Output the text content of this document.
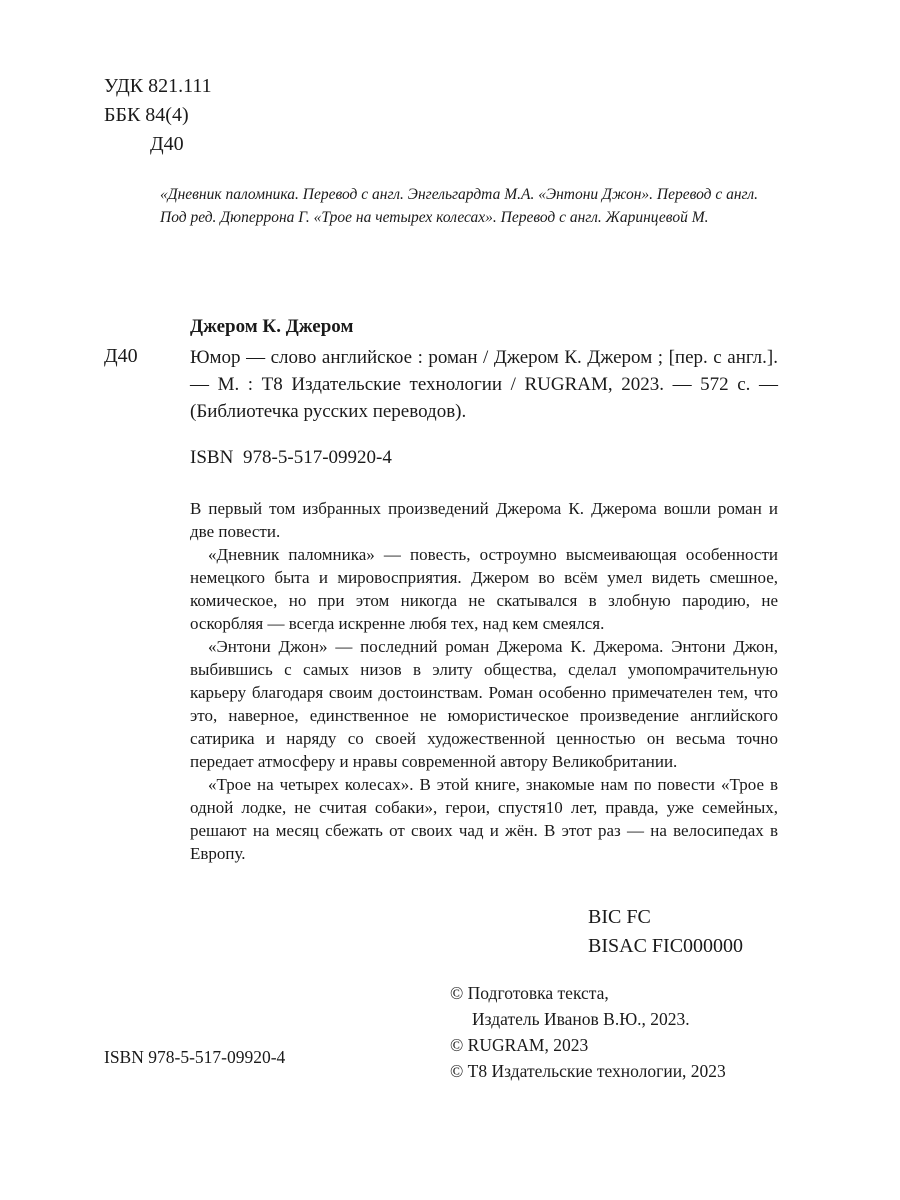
УДК 821.111
ББК 84(4)
Д40
«Дневник паломника. Перевод с англ. Энгельгардта М.А. «Энтони Джон». Перевод с англ. Под ред. Дюперрона Г. «Трое на четырех колесах». Перевод с англ. Жаринцевой М.
Джером К. Джером
Д40	Юмор — слово английское : роман / Джером К. Джером ; [пер. с англ.]. — М. : Т8 Издательские технологии / RUGRAM, 2023. — 572 с. — (Библиотечка русских переводов).
ISBN 978-5-517-09920-4

В первый том избранных произведений Джерома К. Джерома вошли роман и две повести.

«Дневник паломника» — повесть, остроумно высмеивающая особенности немецкого быта и мировосприятия. Джером во всём умел видеть смешное, комическое, но при этом никогда не скатывался в злобную пародию, не оскорбляя — всегда искренне любя тех, над кем смеялся.

«Энтони Джон» — последний роман Джерома К. Джерома. Энтони Джон, выбившись с самых низов в элиту общества, сделал умопомрачительную карьеру благодаря своим достоинствам. Роман особенно примечателен тем, что это, наверное, единственное не юмористическое произведение английского сатирика и наряду со своей художественной ценностью он весьма точно передает атмосферу и нравы современной автору Великобритании.

«Трое на четырех колесах». В этой книге, знакомые нам по повести «Трое в одной лодке, не считая собаки», герои, спустя10 лет, правда, уже семейных, решают на месяц сбежать от своих чад и жён. В этот раз — на велосипедах в Европу.

BIC FC
BISAC FIC000000
© Подготовка текста,
Издатель Иванов В.Ю., 2023.
© RUGRAM, 2023
© Т8 Издательские технологии, 2023
ISBN 978-5-517-09920-4
